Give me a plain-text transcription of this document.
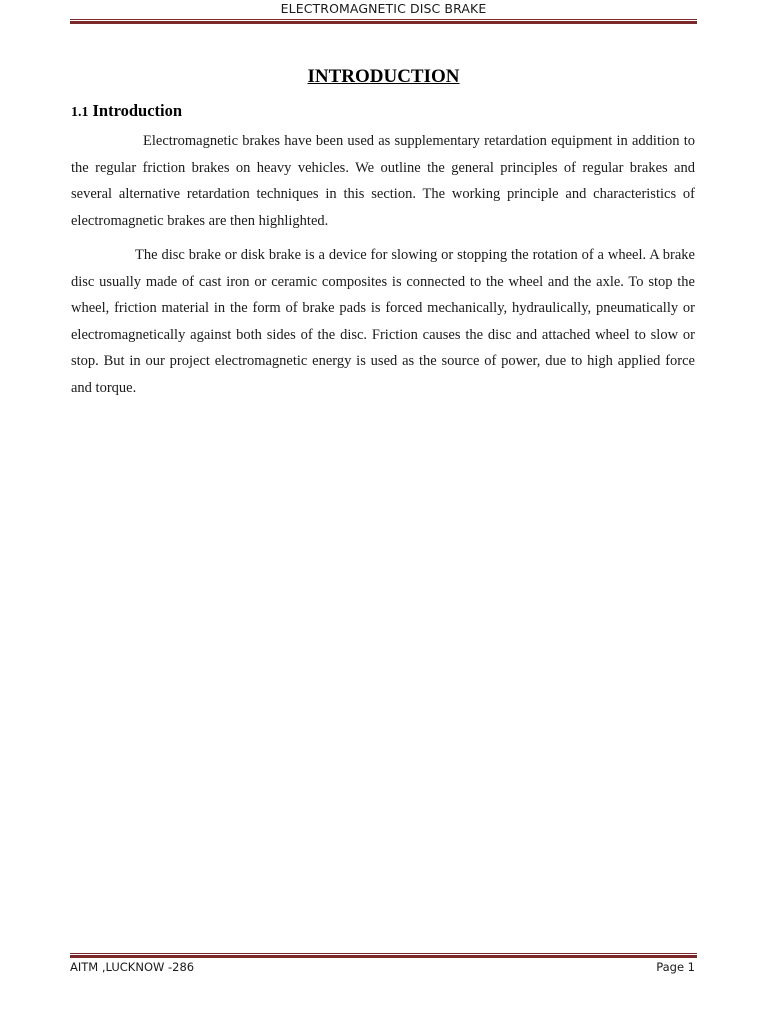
ELECTROMAGNETIC DISC BRAKE
INTRODUCTION
1.1 Introduction

Electromagnetic brakes have been used as supplementary retardation equipment in addition to the regular friction brakes on heavy vehicles. We outline the general principles of regular brakes and several alternative retardation techniques in this section. The working principle and characteristics of electromagnetic brakes are then highlighted.

The disc brake or disk brake is a device for slowing or stopping the rotation of a wheel. A brake disc usually made of cast iron or ceramic composites is connected to the wheel and the axle. To stop the wheel, friction material in the form of brake pads is forced mechanically, hydraulically, pneumatically or electromagnetically against both sides of the disc. Friction causes the disc and attached wheel to slow or stop. But in our project electromagnetic energy is used as the source of power, due to high applied force and torque.

AITM ,LUCKNOW -286	Page 1
